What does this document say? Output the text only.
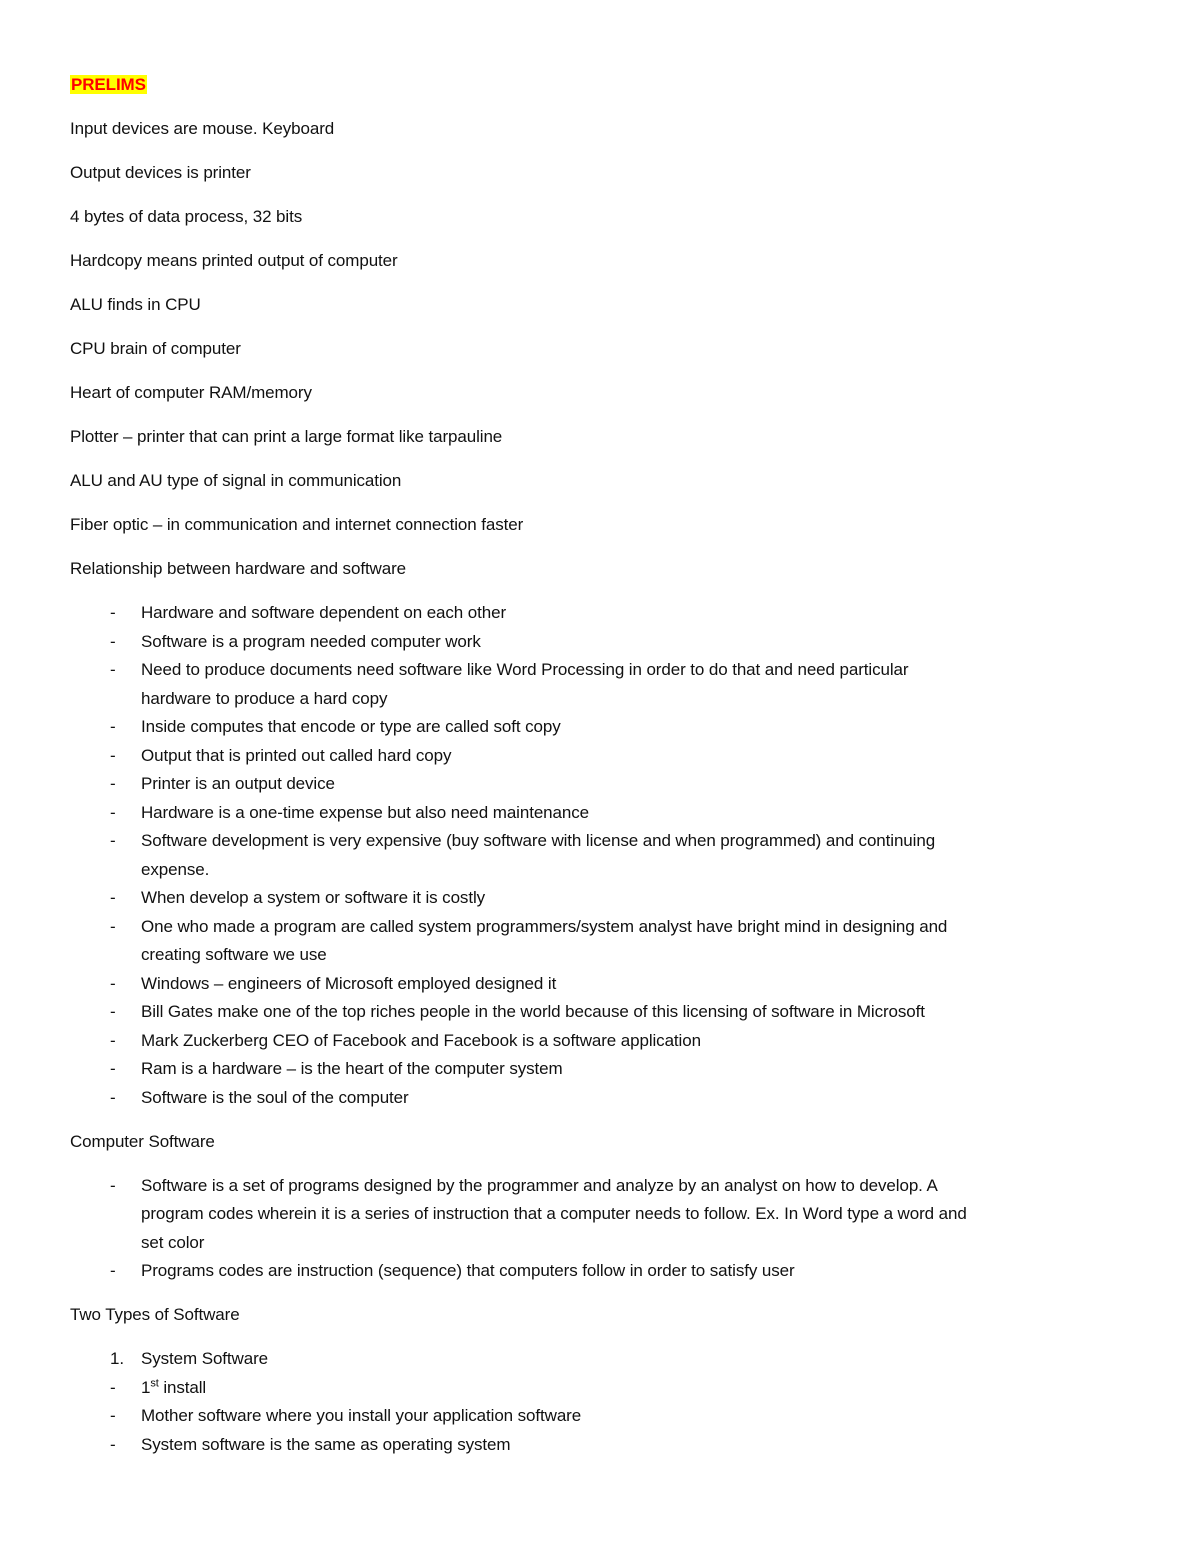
PRELIMS

Input devices are mouse. Keyboard

Output devices is printer

4 bytes of data process, 32 bits

Hardcopy means printed output of computer

ALU finds in CPU

CPU brain of computer

Heart of computer RAM/memory

Plotter – printer that can print a large format like tarpauline

ALU and AU type of signal in communication

Fiber optic – in communication and internet connection faster

Relationship between hardware and software

- Hardware and software dependent on each other
- Software is a program needed computer work
- Need to produce documents need software like Word Processing in order to do that and need particular
hardware to produce a hard copy
- Inside computes that encode or type are called soft copy
- Output that is printed out called hard copy
- Printer is an output device
- Hardware is a one-time expense but also need maintenance
- Software development is very expensive (buy software with license and when programmed) and continuing
expense.
- When develop a system or software it is costly
- One who made a program are called system programmers/system analyst have bright mind in designing and
creating software we use
- Windows – engineers of Microsoft employed designed it
- Bill Gates make one of the top riches people in the world because of this licensing of software in Microsoft
- Mark Zuckerberg CEO of Facebook and Facebook is a software application
- Ram is a hardware – is the heart of the computer system
- Software is the soul of the computer

Computer Software

- Software is a set of programs designed by the programmer and analyze by an analyst on how to develop. A
program codes wherein it is a series of instruction that a computer needs to follow. Ex. In Word type a word and
set color
- Programs codes are instruction (sequence) that computers follow in order to satisfy user

Two Types of Software

1. System Software
- 1st install
- Mother software where you install your application software
- System software is the same as operating system
